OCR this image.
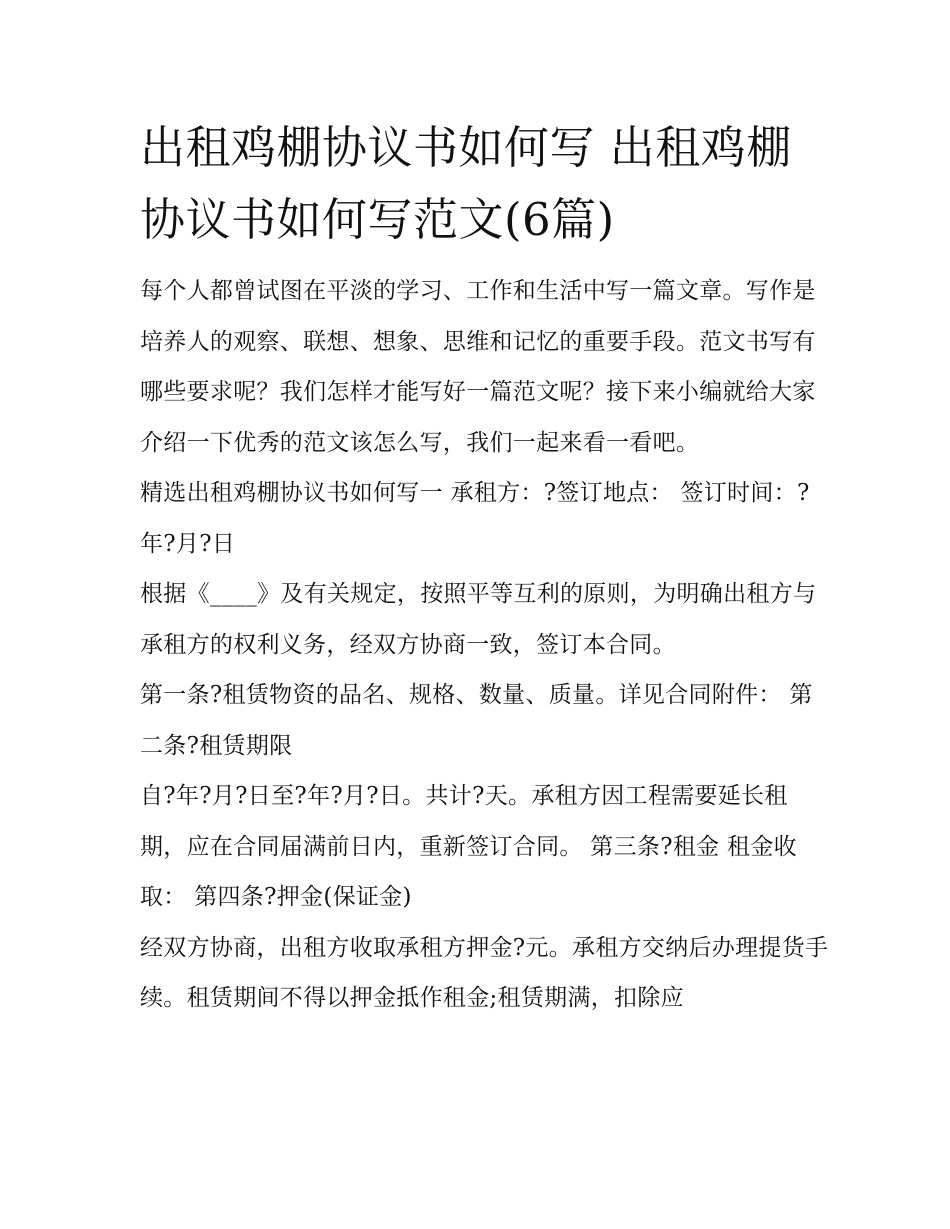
出租鸡棚协议书如何写 出租鸡棚协议书如何写范文(6篇)

每个人都曾试图在平淡的学习、工作和生活中写一篇文章。写作是培养人的观察、联想、想象、思维和记忆的重要手段。范文书写有哪些要求呢？我们怎样才能写好一篇范文呢？接下来小编就给大家介绍一下优秀的范文该怎么写，我们一起来看一看吧。

精选出租鸡棚协议书如何写一 承租方：?签订地点： 签订时间：?年?月?日

根据《____》及有关规定，按照平等互利的原则，为明确出租方与承租方的权利义务，经双方协商一致，签订本合同。

第一条?租赁物资的品名、规格、数量、质量。详见合同附件： 第二条?租赁期限

自?年?月?日至?年?月?日。共计?天。承租方因工程需要延长租期，应在合同届满前日内，重新签订合同。 第三条?租金 租金收取： 第四条?押金(保证金)

经双方协商，出租方收取承租方押金?元。承租方交纳后办理提货手续。租赁期间不得以押金抵作租金;租赁期满，扣除应
